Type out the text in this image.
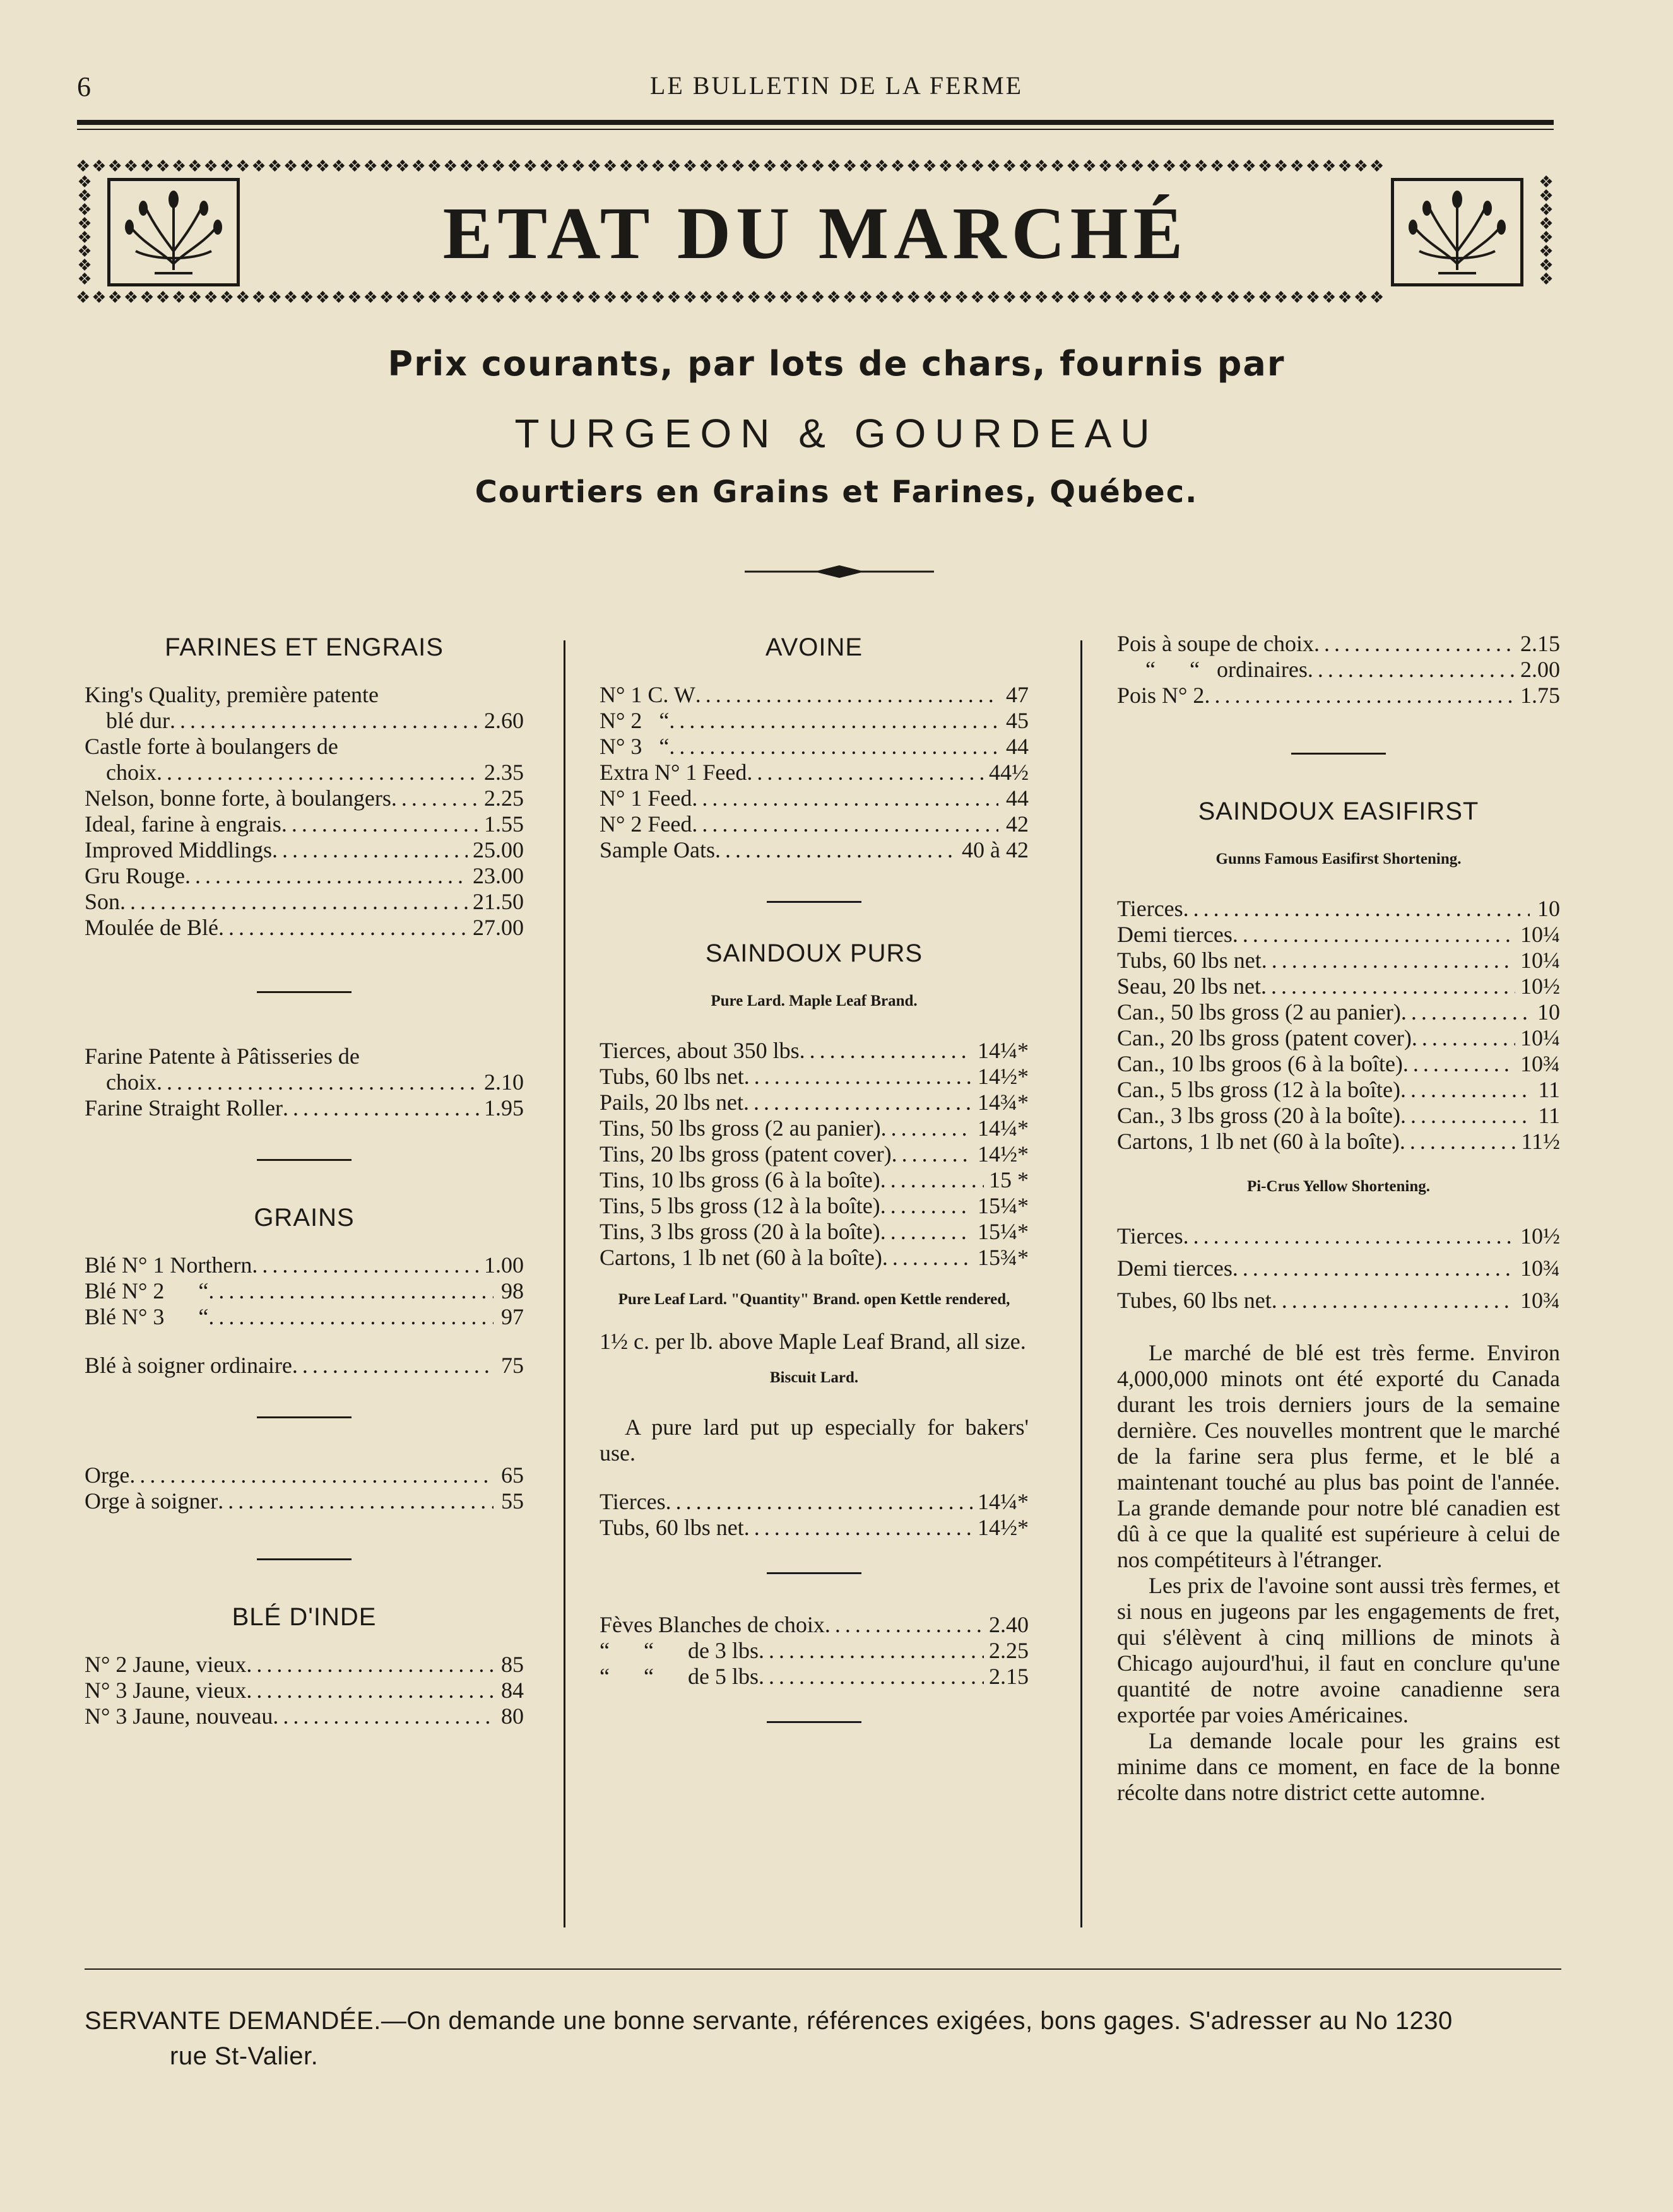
6	LE BULLETIN DE LA FERME
❖❖❖❖❖❖❖❖❖❖❖❖❖❖❖❖❖❖❖❖❖❖❖❖❖❖❖❖❖❖❖❖❖❖❖❖❖❖❖❖❖❖❖❖❖❖❖❖❖❖❖❖❖❖❖❖❖❖❖❖❖❖❖❖❖❖❖❖❖❖❖❖❖❖❖❖❖❖❖❖❖❖
❖❖❖❖❖❖❖❖❖❖❖❖❖❖❖❖❖❖❖❖❖❖❖❖❖❖❖❖❖❖❖❖❖❖❖❖❖❖❖❖❖❖❖❖❖❖❖❖❖❖❖❖❖❖❖❖❖❖❖❖❖❖❖❖❖❖❖❖❖❖❖❖❖❖❖❖❖❖❖❖❖❖
❖
❖
❖
❖
❖
❖
❖
❖
❖
❖
❖
❖
❖
❖
❖
❖
ETAT DU MARCHÉ
Prix courants, par lots de chars, fournis par
TURGEON & GOURDEAU
Courtiers en Grains et Farines, Québec.
FARINES ET ENGRAIS
King's Quality, première patente
blé dur . . .	2.60
Castle forte à boulangers de
choix . . .	2.35
Nelson, bonne forte, à boulangers . . .	2.25
Ideal, farine à engrais . . .	1.55
Improved Middlings . . .	25.00
Gru Rouge . . .	23.00
Son . . .	21.50
Moulée de Blé . . .	27.00
Farine Patente à Pâtisseries de
choix . . .	2.10
Farine Straight Roller . . .	1.95
GRAINS
Blé N° 1 Northern . . .	1.00
Blé N° 2      “ . . .	98
Blé N° 3      “ . . .	97
Blé à soigner ordinaire . . .	75
Orge . . .	65
Orge à soigner . . .	55
BLÉ D'INDE
N° 2 Jaune, vieux . . .	85
N° 3 Jaune, vieux . . .	84
N° 3 Jaune, nouveau . . .	80
AVOINE
N° 1 C. W . . .	47
N° 2   “ . . .	45
N° 3   “ . . .	44
Extra N° 1 Feed . . .	44½
N° 1 Feed . . .	44
N° 2 Feed . . .	42
Sample Oats . . .	40 à 42
SAINDOUX PURS
Pure Lard. Maple Leaf Brand.
Tierces, about 350 lbs . . .	14¼*
Tubs, 60 lbs net . . .	14½*
Pails, 20 lbs net . . .	14¾*
Tins, 50 lbs gross (2 au panier) . . .	14¼*
Tins, 20 lbs gross (patent cover) . . .	14½*
Tins, 10 lbs gross (6 à la boîte) . . .	15 *
Tins, 5 lbs gross (12 à la boîte) . . .	15¼*
Tins, 3 lbs gross (20 à la boîte) . . .	15¼*
Cartons, 1 lb net (60 à la boîte) . . .	15¾*
Pure Leaf Lard. "Quantity" Brand. open Kettle rendered,
1½ c. per lb. above Maple Leaf Brand, all size.
Biscuit Lard.
A pure lard put up especially for bakers' use.
Tierces . . .	14¼*
Tubs, 60 lbs net . . .	14½*
Fèves Blanches de choix . . .	2.40
“      “      de 3 lbs . . .	2.25
“      “      de 5 lbs . . .	2.15
Pois à soupe de choix . . .	2.15
“      “   ordinaires . . .	2.00
Pois N° 2 . . .	1.75
SAINDOUX EASIFIRST
Gunns Famous Easifirst Shortening.
Tierces . . .	10
Demi tierces . . .	10¼
Tubs, 60 lbs net . . .	10¼
Seau, 20 lbs net . . .	10½
Can., 50 lbs gross (2 au panier) . . .	10
Can., 20 lbs gross (patent cover) . . .	10¼
Can., 10 lbs groos (6 à la boîte) . . .	10¾
Can., 5 lbs gross (12 à la boîte) . . .	11
Can., 3 lbs gross (20 à la boîte) . . .	11
Cartons, 1 lb net (60 à la boîte) . . .	11½
Pi-Crus Yellow Shortening.
Tierces . . .	10½
Demi tierces . . .	10¾
Tubes, 60 lbs net . . .	10¾

Le marché de blé est très ferme. Environ 4,000,000 minots ont été exporté du Canada durant les trois derniers jours de la semaine dernière. Ces nouvelles montrent que le marché de la farine sera plus ferme, et le blé a maintenant touché au plus bas point de l'année. La grande demande pour notre blé canadien est dû à ce que la qualité est supérieure à celui de nos compétiteurs à l'étranger.

Les prix de l'avoine sont aussi très fermes, et si nous en jugeons par les engagements de fret, qui s'élèvent à cinq millions de minots à Chicago aujourd'hui, il faut en conclure qu'une quantité de notre avoine canadienne sera exportée par voies Américaines.

La demande locale pour les grains est minime dans ce moment, en face de la bonne récolte dans notre district cette automne.

SERVANTE DEMANDÉE.—On demande une bonne servante, références exigées, bons gages. S'adresser au No 1230
rue St-Valier.
